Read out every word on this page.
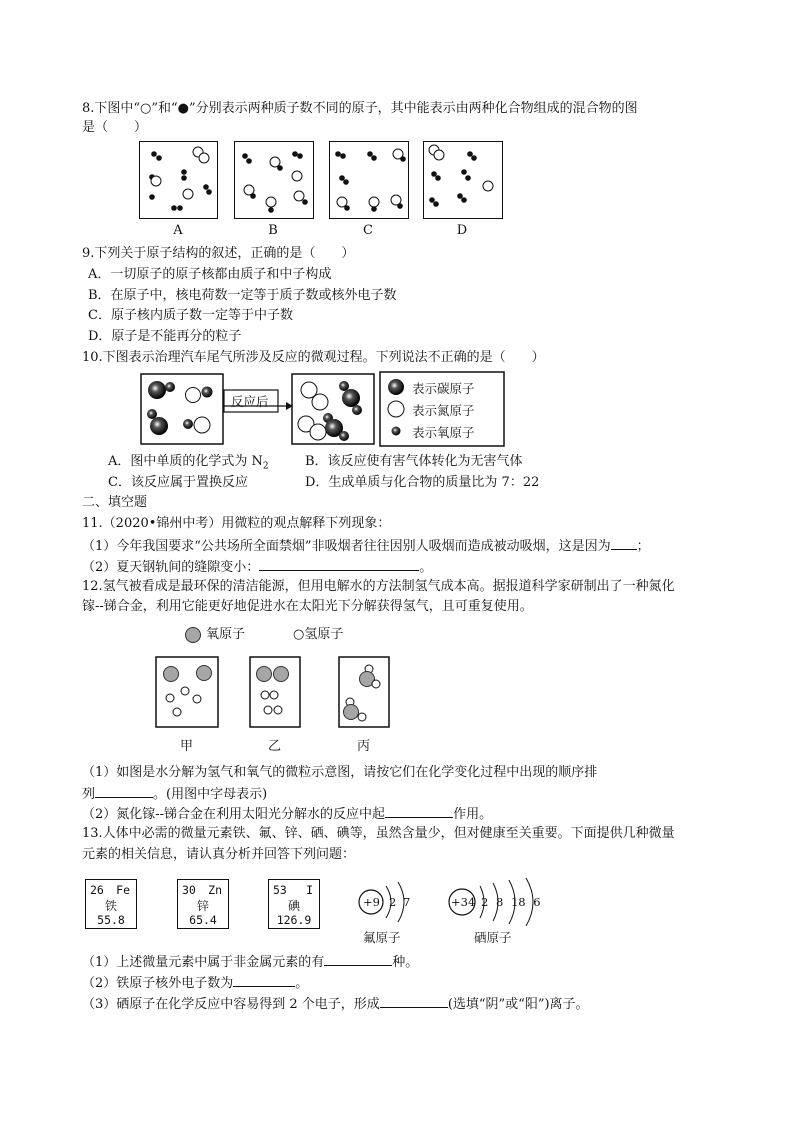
8.下图中“○”和“●”分别表示两种质子数不同的原子，其中能表示由两种化合物组成的混合物的图
是（　　）
A	B	C	D
9.下列关于原子结构的叙述，正确的是（　　）
A．一切原子的原子核都由质子和中子构成
B．在原子中，核电荷数一定等于质子数或核外电子数
C．原子核内质子数一定等于中子数
D．原子是不能再分的粒子
10.下图表示治理汽车尾气所涉及反应的微观过程。下列说法不正确的是（　　）
反应后
表示碳原子
表示氮原子
表示氧原子
A．图中单质的化学式为 $N_2$	B．该反应使有害气体转化为无害气体
C．该反应属于置换反应	D．生成单质与化合物的质量比为 7：22
二、填空题
11.（2020•锦州中考）用微粒的观点解释下列现象：
（1）今年我国要求“公共场所全面禁烟”非吸烟者往往因别人吸烟而造成被动吸烟，这是因为 ；
（2）夏天钢轨间的缝隙变小：	。
12.氢气被看成是最环保的清洁能源，但用电解水的方法制氢气成本高。据报道科学家研制出了一种氮化
镓--锑合金，利用它能更好地促进水在太阳光下分解获得氢气，且可重复使用。
氧原子	○氢原子
甲	乙	丙
（1）如图是水分解为氢气和氧气的微粒示意图，请按它们在化学变化过程中出现的顺序排
列	。(用图中字母表示)
（2）氮化镓--锑合金在利用太阳光分解水的反应中起	作用。
13.人体中必需的微量元素铁、氟、锌、硒、碘等，虽然含量少，但对健康至关重要。下面提供几种微量
元素的相关信息，请认真分析并回答下列问题：
26 Fe
铁
55.8
30 Zn
锌
65.4
53 I
碘
126.9
+9 2 7
氟原子
+34 2 8 18 6
硒原子
（1）上述微量元素中属于非金属元素的有	种。
（2）铁原子核外电子数为	。
（3）硒原子在化学反应中容易得到 2 个电子，形成	(选填“阴”或“阳”)离子。
